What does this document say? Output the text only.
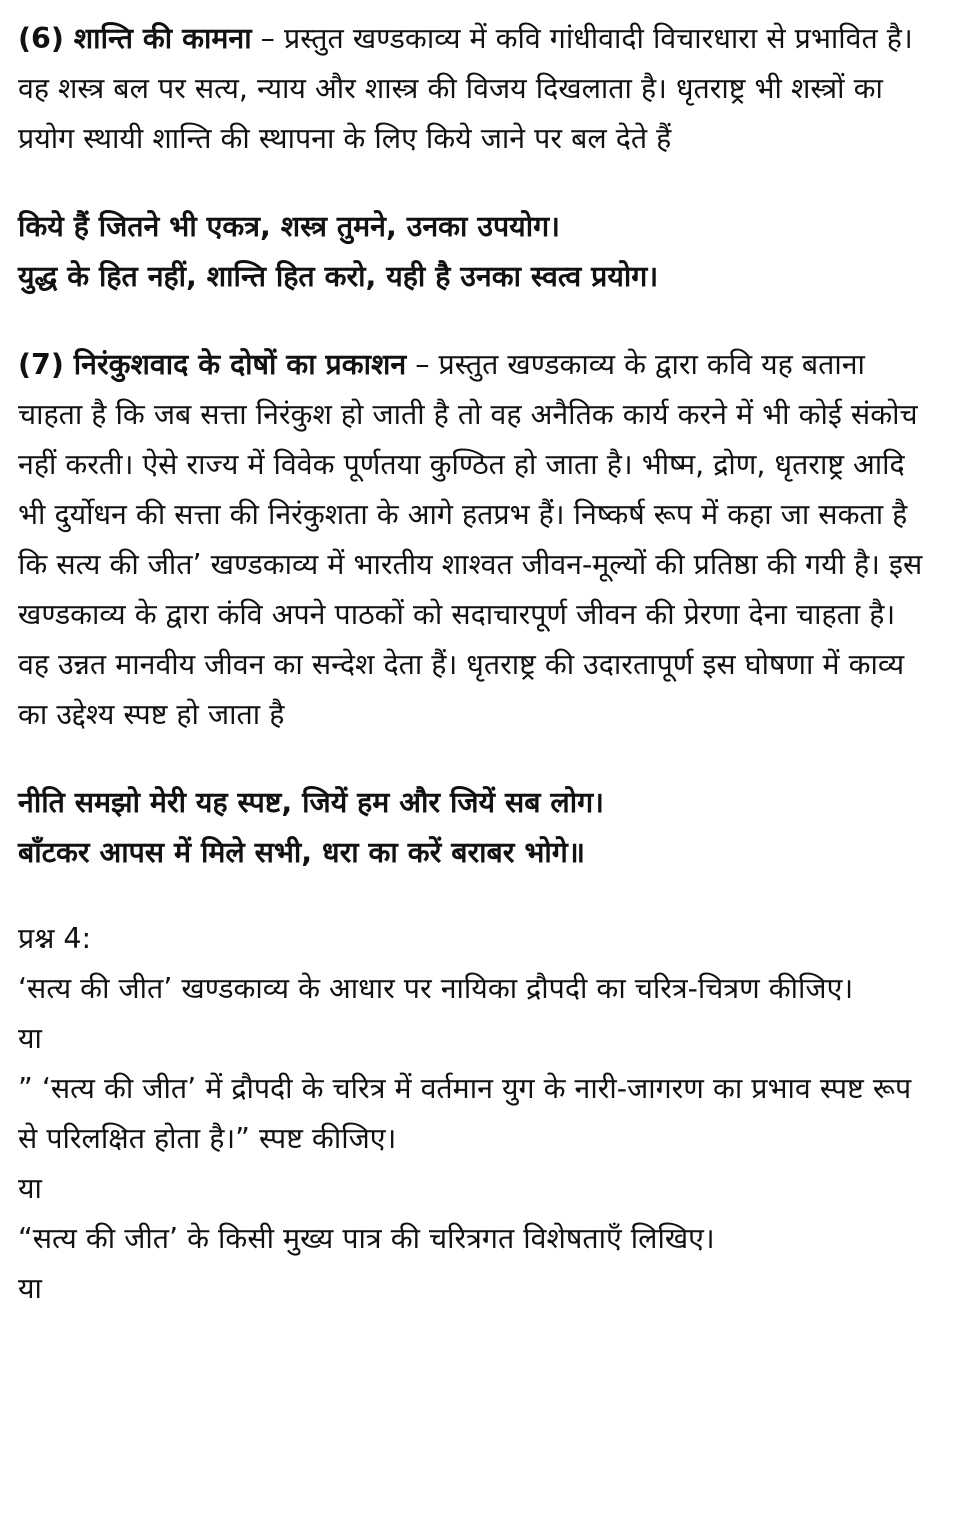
(6) शान्ति की कामना – प्रस्तुत खण्डकाव्य में कवि गांधीवादी विचारधारा से प्रभावित है। वह शस्त्र बल पर सत्य, न्याय और शास्त्र की विजय दिखलाता है। धृतराष्ट्र भी शस्त्रों का प्रयोग स्थायी शान्ति की स्थापना के लिए किये जाने पर बल देते हैं

किये हैं जितने भी एकत्र, शस्त्र तुमने, उनका उपयोग।

युद्ध के हित नहीं, शान्ति हित करो, यही है उनका स्वत्व प्रयोग।

(7) निरंकुशवाद के दोषों का प्रकाशन – प्रस्तुत खण्डकाव्य के द्वारा कवि यह बताना चाहता है कि जब सत्ता निरंकुश हो जाती है तो वह अनैतिक कार्य करने में भी कोई संकोच नहीं करती। ऐसे राज्य में विवेक पूर्णतया कुण्ठित हो जाता है। भीष्म, द्रोण, धृतराष्ट्र आदि भी दुर्योधन की सत्ता की निरंकुशता के आगे हतप्रभ हैं। निष्कर्ष रूप में कहा जा सकता है कि सत्य की जीत’ खण्डकाव्य में भारतीय शाश्वत जीवन-मूल्यों की प्रतिष्ठा की गयी है। इस खण्डकाव्य के द्वारा कंवि अपने पाठकों को सदाचारपूर्ण जीवन की प्रेरणा देना चाहता है। वह उन्नत मानवीय जीवन का सन्देश देता हैं। धृतराष्ट्र की उदारतापूर्ण इस घोषणा में काव्य का उद्देश्य स्पष्ट हो जाता है

नीति समझो मेरी यह स्पष्ट, जियें हम और जियें सब लोग।

बाँटकर आपस में मिले सभी, धरा का करें बराबर भोगे॥

प्रश्न 4:

‘सत्य की जीत’ खण्डकाव्य के आधार पर नायिका द्रौपदी का चरित्र-चित्रण कीजिए।

या

” ‘सत्य की जीत’ में द्रौपदी के चरित्र में वर्तमान युग के नारी-जागरण का प्रभाव स्पष्ट रूप से परिलक्षित होता है।” स्पष्ट कीजिए।

या

“सत्य की जीत’ के किसी मुख्य पात्र की चरित्रगत विशेषताएँ लिखिए।

या
